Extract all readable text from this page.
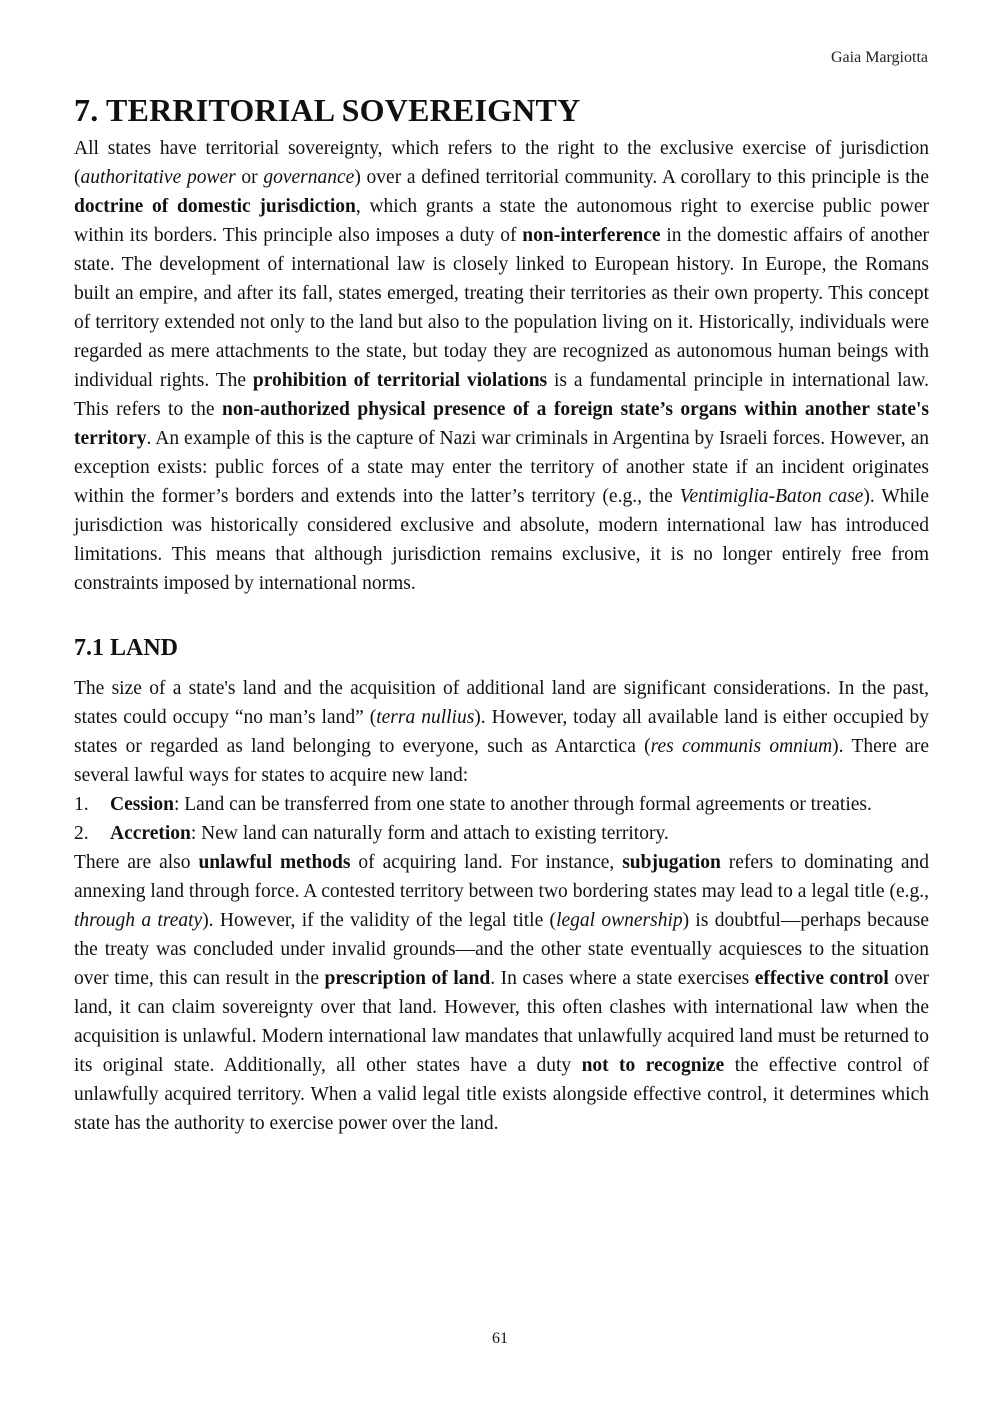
Gaia Margiotta
7. TERRITORIAL SOVEREIGNTY

All states have territorial sovereignty, which refers to the right to the exclusive exercise of jurisdiction (authoritative power or governance) over a defined territorial community. A corollary to this principle is the doctrine of domestic jurisdiction, which grants a state the autonomous right to exercise public power within its borders. This principle also imposes a duty of non-interference in the domestic affairs of another state. The development of international law is closely linked to European history. In Europe, the Romans built an empire, and after its fall, states emerged, treating their territories as their own property. This concept of territory extended not only to the land but also to the population living on it. Historically, individuals were regarded as mere attachments to the state, but today they are recognized as autonomous human beings with individual rights. The prohibition of territorial violations is a fundamental principle in international law. This refers to the non-authorized physical presence of a foreign state’s organs within another state's territory. An example of this is the capture of Nazi war criminals in Argentina by Israeli forces. However, an exception exists: public forces of a state may enter the territory of another state if an incident originates within the former’s borders and extends into the latter’s territory (e.g., the Ventimiglia-Baton case). While jurisdiction was historically considered exclusive and absolute, modern international law has introduced limitations. This means that although jurisdiction remains exclusive, it is no longer entirely free from constraints imposed by international norms.

7.1 LAND

The size of a state's land and the acquisition of additional land are significant considerations. In the past, states could occupy “no man’s land” (terra nullius). However, today all available land is either occupied by states or regarded as land belonging to everyone, such as Antarctica (res communis omnium). There are several lawful ways for states to acquire new land:

1.	Cession: Land can be transferred from one state to another through formal agreements or treaties.
2.	Accretion: New land can naturally form and attach to existing territory.

There are also unlawful methods of acquiring land. For instance, subjugation refers to dominating and annexing land through force. A contested territory between two bordering states may lead to a legal title (e.g., through a treaty). However, if the validity of the legal title (legal ownership) is doubtful—perhaps because the treaty was concluded under invalid grounds—and the other state eventually acquiesces to the situation over time, this can result in the prescription of land. In cases where a state exercises effective control over land, it can claim sovereignty over that land. However, this often clashes with international law when the acquisition is unlawful. Modern international law mandates that unlawfully acquired land must be returned to its original state. Additionally, all other states have a duty not to recognize the effective control of unlawfully acquired territory. When a valid legal title exists alongside effective control, it determines which state has the authority to exercise power over the land.

61
